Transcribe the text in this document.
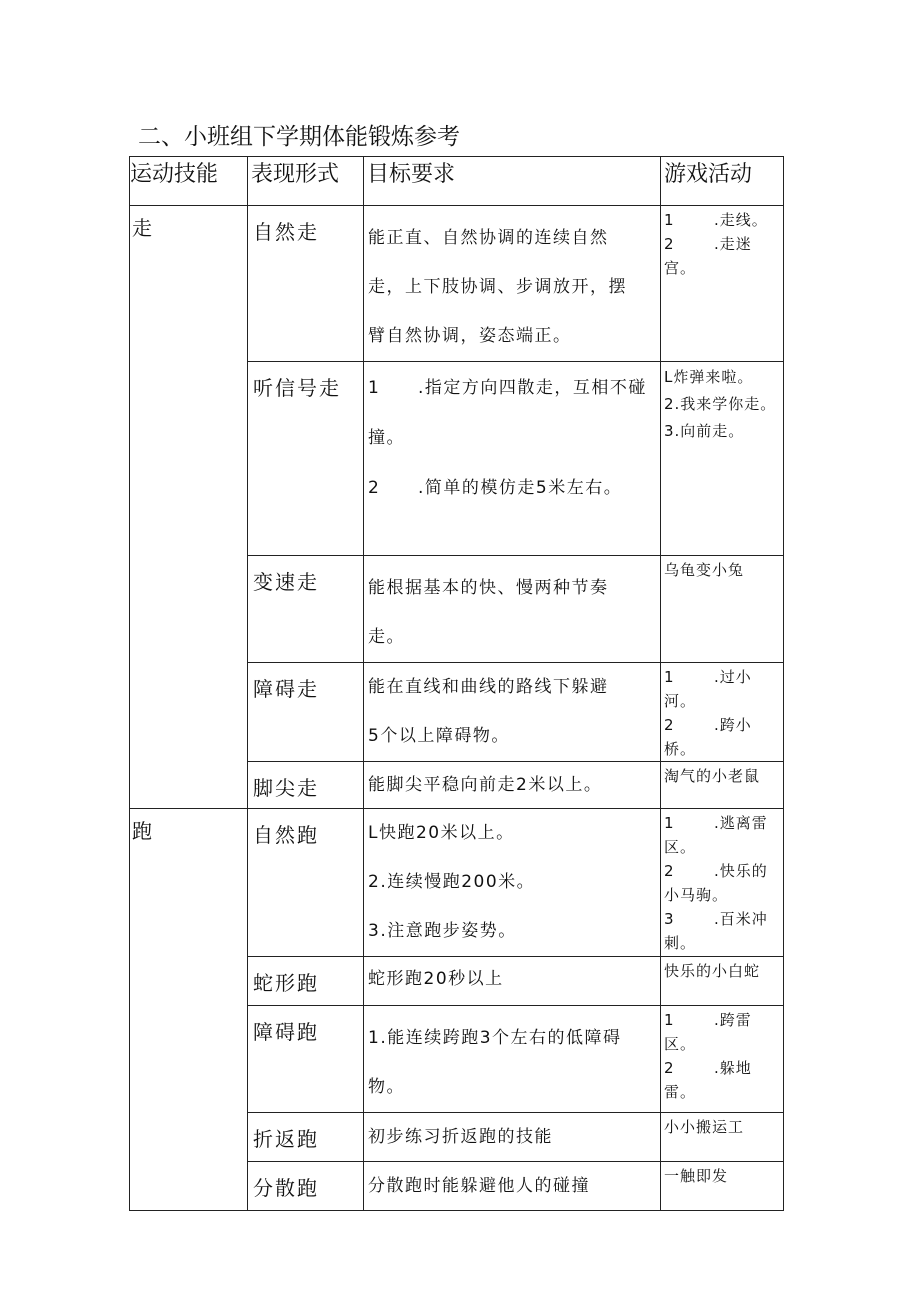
二、小班组下学期体能锻炼参考
运动技能	表现形式	目标要求	游戏活动
走	自然走	能正直、自然协调的连续自然
走，上下肢协调、步调放开，摆
臂自然协调，姿态端正。	1 .走线。
2 .走迷宫。

	听信号走	1 .指定方向四散走，互相不碰
撞。
2 .简单的模仿走5米左右。	L炸弹来啦。
2.我来学你走。
3.向前走。

	变速走	能根据基本的快、慢两种节奏
走。	乌龟变小兔

	障碍走	能在直线和曲线的路线下躲避
5个以上障碍物。	1 .过小河。
2 .跨小桥。

	脚尖走	能脚尖平稳向前走2米以上。	淘气的小老鼠

跑	自然跑	L快跑20米以上。
2.连续慢跑200米。
3.注意跑步姿势。	1 .逃离雷区。
2 .快乐的小马驹。
3 .百米冲刺。

	蛇形跑	蛇形跑20秒以上	快乐的小白蛇

	障碍跑	1.能连续跨跑3个左右的低障碍
物。	1 .跨雷区。
2 .躲地雷。

	折返跑	初步练习折返跑的技能	小小搬运工

	分散跑	分散跑时能躲避他人的碰撞	一触即发
